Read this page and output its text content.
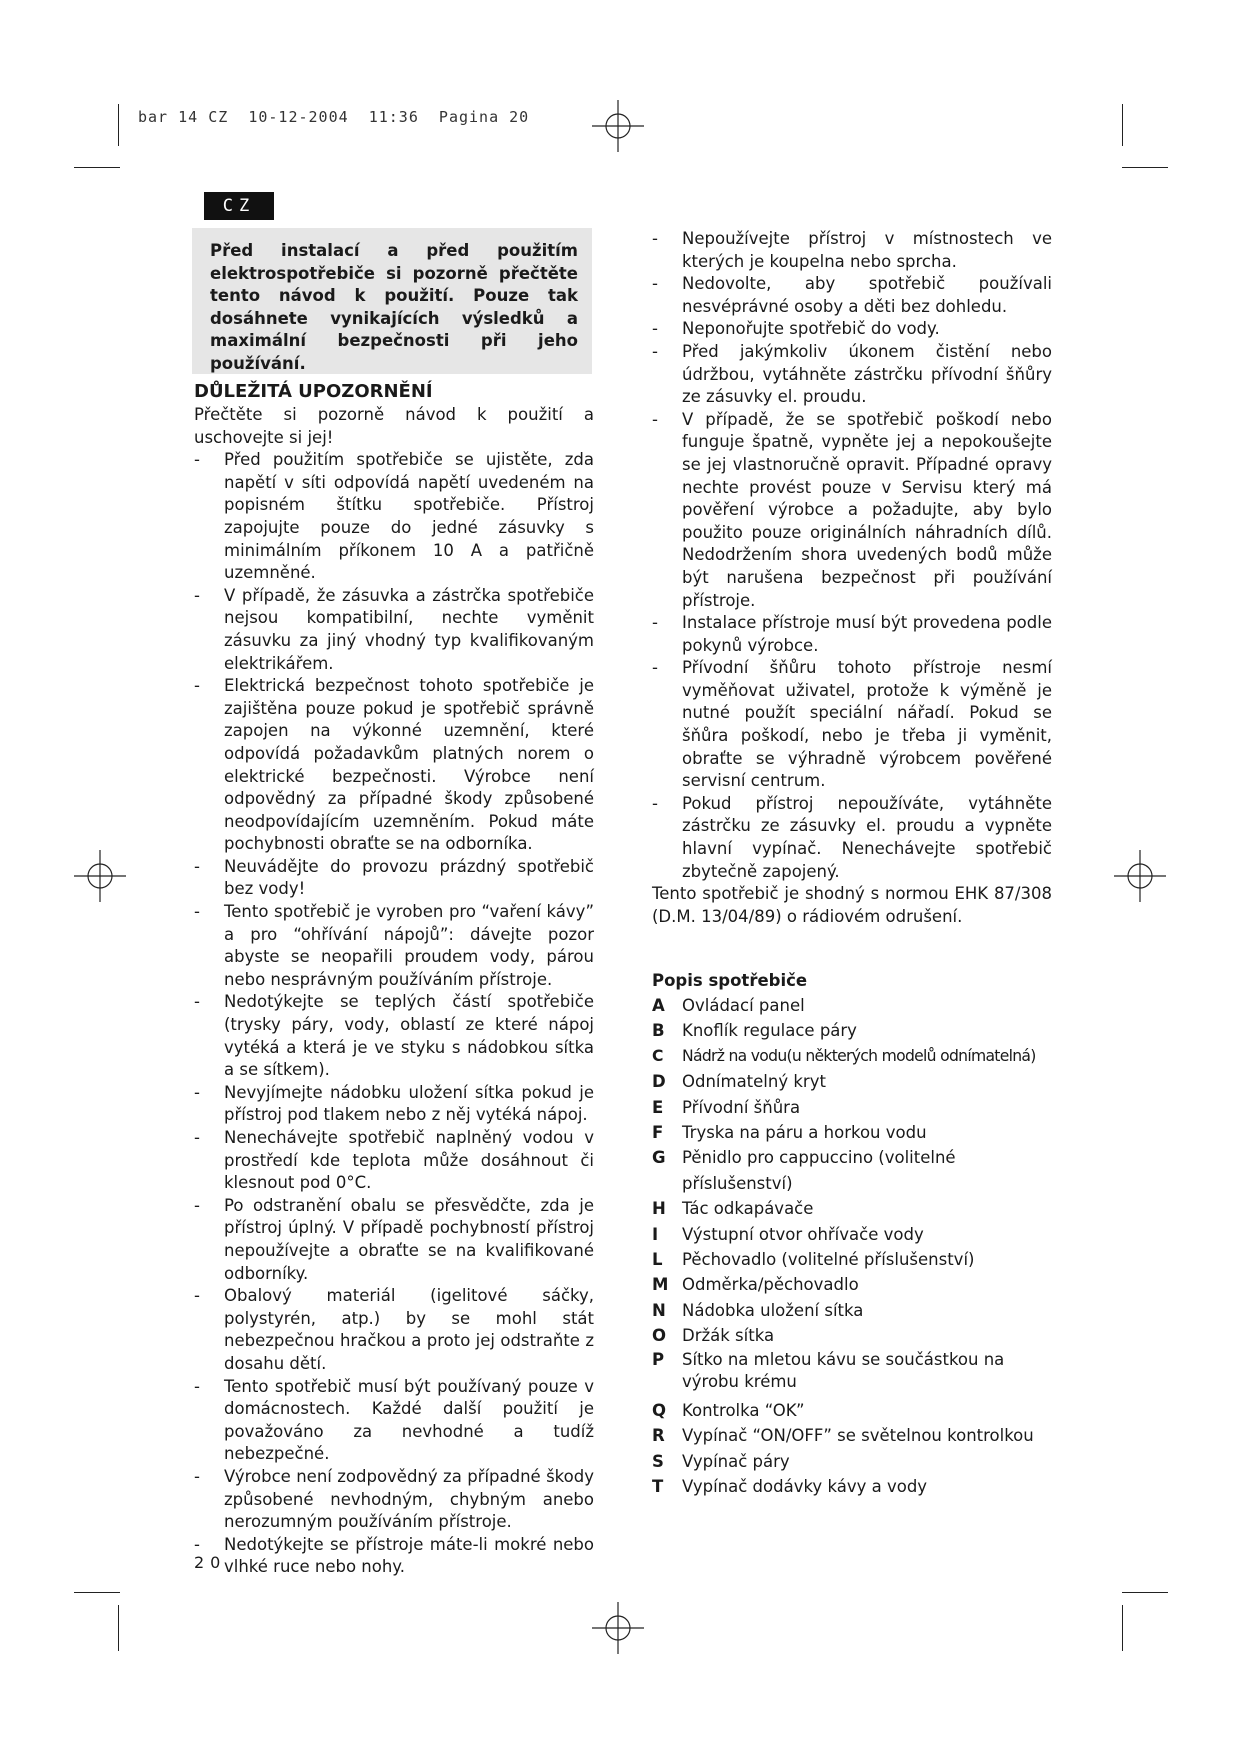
bar 14 CZ  10-12-2004  11:36  Pagina 20
CZ
Před instalací a před použitím elektrospotřebiče si pozorně přečtěte tento návod k použití. Pouze tak dosáhnete vynikajících výsledků a maximální bezpečnosti při jeho používání.
DŮLEŽITÁ UPOZORNĚNÍ

Přečtěte si pozorně návod k použití a uschovejte si jej!

- Před použitím spotřebiče se ujistěte, zda napětí v síti odpovídá napětí uvedeném na popisném štítku spotřebiče. Přístroj zapojujte pouze do jedné zásuvky s minimálním příkonem 10 A a patřičně uzemněné.
- V případě, že zásuvka a zástrčka spotřebiče nejsou kompatibilní, nechte vyměnit zásuvku za jiný vhodný typ kvalifikovaným elektrikářem.
- Elektrická bezpečnost tohoto spotřebiče je zajištěna pouze pokud je spotřebič správně zapojen na výkonné uzemnění, které odpovídá požadavkům platných norem o elektrické bezpečnosti. Výrobce není odpovědný za případné škody způsobené neodpovídajícím uzemněním. Pokud máte pochybnosti obraťte se na odborníka.
- Neuvádějte do provozu prázdný spotřebič bez vody!
- Tento spotřebič je vyroben pro “vaření kávy” a pro “ohřívání nápojů”: dávejte pozor abyste se neopařili proudem vody, párou nebo nesprávným používáním přístroje.
- Nedotýkejte se teplých částí spotřebiče (trysky páry, vody, oblastí ze které nápoj vytéká a která je ve styku s nádobkou sítka a se sítkem).
- Nevyjímejte nádobku uložení sítka pokud je přístroj pod tlakem nebo z něj vytéká nápoj.
- Nenechávejte spotřebič naplněný vodou v prostředí kde teplota může dosáhnout či klesnout pod 0°C.
- Po odstranění obalu se přesvědčte, zda je přístroj úplný. V případě pochybností přístroj nepoužívejte a obraťte se na kvalifikované odborníky.
- Obalový materiál (igelitové sáčky, polystyrén, atp.) by se mohl stát nebezpečnou hračkou a proto jej odstraňte z dosahu dětí.
- Tento spotřebič musí být používaný pouze v domácnostech. Každé další použití je považováno za nevhodné a tudíž nebezpečné.
- Výrobce není zodpovědný za případné škody způsobené nevhodným, chybným anebo nerozumným používáním přístroje.
- Nedotýkejte se přístroje máte-li mokré nebo vlhké ruce nebo nohy.
- Nepoužívejte přístroj v místnostech ve kterých je koupelna nebo sprcha.
- Nedovolte, aby spotřebič používali nesvéprávné osoby a děti bez dohledu.
- Neponořujte spotřebič do vody.
- Před jakýmkoliv úkonem čistění nebo údržbou, vytáhněte zástrčku přívodní šňůry ze zásuvky el. proudu.
- V případě, že se spotřebič poškodí nebo funguje špatně, vypněte jej a nepokoušejte se jej vlastnoručně opravit. Případné opravy nechte provést pouze v Servisu který má pověření výrobce a požadujte, aby bylo použito pouze originálních náhradních dílů. Nedodržením shora uvedených bodů může být narušena bezpečnost při používání přístroje.
- Instalace přístroje musí být provedena podle pokynů výrobce.
- Přívodní šňůru tohoto přístroje nesmí vyměňovat uživatel, protože k výměně je nutné použít speciální nářadí. Pokud se šňůra poškodí, nebo je třeba ji vyměnit, obraťte se výhradně výrobcem pověřené servisní centrum.
- Pokud přístroj nepoužíváte, vytáhněte zástrčku ze zásuvky el. proudu a vypněte hlavní vypínač. Nenechávejte spotřebič zbytečně zapojený.

Tento spotřebič je shodný s normou EHK 87/308 (D.M. 13/04/89) o rádiovém odrušení.

Popis spotřebiče

A Ovládací panel
B Knoflík regulace páry
C Nádrž na vodu(u některých modelů odnímatelná)
D Odnímatelný kryt
E Přívodní šňůra
F Tryska na páru a horkou vodu
G Pěnidlo pro cappuccino (volitelné příslušenství)
H Tác odkapávače
I Výstupní otvor ohřívače vody
L Pěchovadlo (volitelné příslušenství)
M Odměrka/pěchovadlo
N Nádobka uložení sítka
O Držák sítka
P Sítko na mletou kávu se součástkou na výrobu krému
Q Kontrolka “OK”
R Vypínač “ON/OFF” se světelnou kontrolkou
S Vypínač páry
T Vypínač dodávky kávy a vody
20
